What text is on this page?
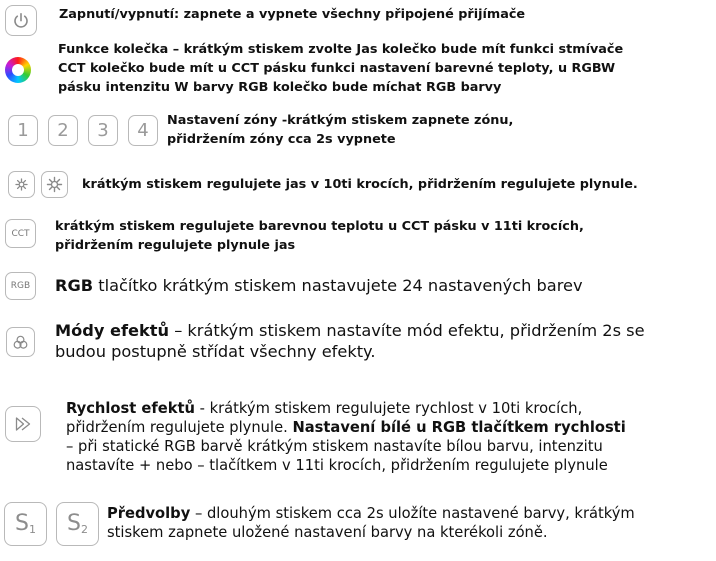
Zapnutí/vypnutí: zapnete a vypnete všechny připojené přijímače
Funkce kolečka – krátkým stiskem zvolte Jas kolečko bude mít funkci stmívače
CCT kolečko bude mít u CCT pásku funkci nastavení barevné teploty, u RGBW
pásku intenzitu W barvy RGB kolečko bude míchat RGB barvy
1	2	3	4	Nastavení zóny -krátkým stiskem zapnete zónu,
přidržením zóny cca 2s vypnete
krátkým stiskem regulujete jas v 10ti krocích, přidržením regulujete plynule.
CCT	krátkým stiskem regulujete barevnou teplotu u CCT pásku v 11ti krocích,
přidržením regulujete plynule jas
RGB	RGB tlačítko krátkým stiskem nastavujete 24 nastavených barev
Módy efektů – krátkým stiskem nastavíte mód efektu, přidržením 2s se
budou postupně střídat všechny efekty.
Rychlost efektů - krátkým stiskem regulujete rychlost v 10ti krocích,
přidržením regulujete plynule. Nastavení bílé u RGB tlačítkem rychlosti
– při statické RGB barvě krátkým stiskem nastavíte bílou barvu, intenzitu
nastavíte + nebo – tlačítkem v 11ti krocích, přidržením regulujete plynule
S 1 S 2
Předvolby – dlouhým stiskem cca 2s uložíte nastavené barvy, krátkým
stiskem zapnete uložené nastavení barvy na kterékoli zóně.
